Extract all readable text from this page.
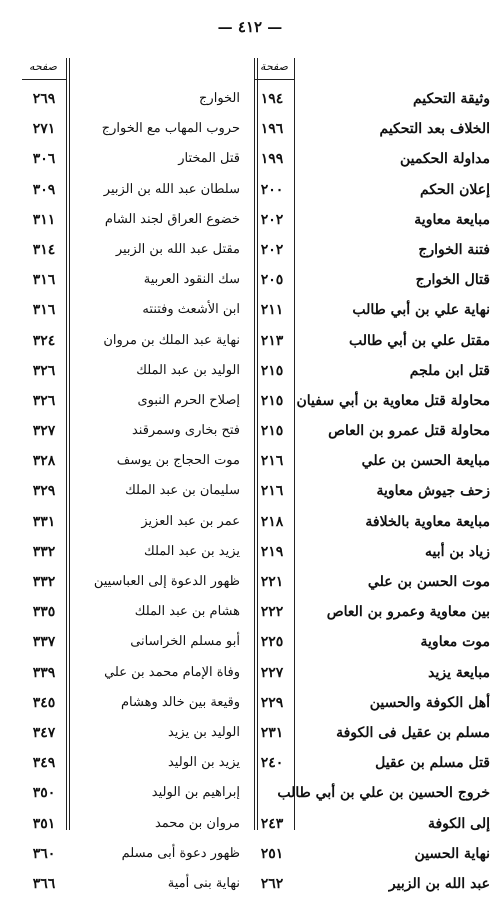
— ٤١٢ —
صفحه	صفحة
وثيقة التحكيم
١٩٤
الخوارج
٢٦٩
الخلاف بعد التحكيم
١٩٦
حروب المهاب مع الخوارج
٢٧١
مداولة الحكمين
١٩٩
قتل المختار
٣٠٦
إعلان الحكم
٢٠٠
سلطان عبد الله بن الزبير
٣٠٩
مبايعة معاوية
٢٠٢
خضوع العراق لجند الشام
٣١١
فتنة الخوارج
٢٠٢
مقتل عبد الله بن الزبير
٣١٤
قتال الخوارج
٢٠٥
سك النقود العربية
٣١٦
نهاية علي بن أبي طالب
٢١١
ابن الأشعث وفتنته
٣١٦
مقتل علي بن أبي طالب
٢١٣
نهاية عبد الملك بن مروان
٣٢٤
قتل ابن ملجم
٢١٥
الوليد بن عبد الملك
٣٢٦
محاولة قتل معاوية بن أبي سفيان
٢١٥
إصلاح الحرم النبوى
٣٢٦
محاولة قتل عمرو بن العاص
٢١٥
فتح بخارى وسمرقند
٣٢٧
مبايعة الحسن بن علي
٢١٦
موت الحجاج بن يوسف
٣٢٨
زحف جيوش معاوية
٢١٦
سليمان بن عبد الملك
٣٢٩
مبايعة معاوية بالخلافة
٢١٨
عمر بن عبد العزيز
٣٣١
زياد بن أبيه
٢١٩
يزيد بن عبد الملك
٣٣٢
موت الحسن بن علي
٢٢١
ظهور الدعوة إلى العباسيين
٣٣٢
بين معاوية وعمرو بن العاص
٢٢٢
هشام بن عبد الملك
٣٣٥
موت معاوية
٢٢٥
أبو مسلم الخراسانى
٣٣٧
مبايعة يزيد
٢٢٧
وفاة الإمام محمد بن علي
٣٣٩
أهل الكوفة والحسين
٢٢٩
وقيعة بين خالد وهشام
٣٤٥
مسلم بن عقيل فى الكوفة
٢٣١
الوليد بن يزيد
٣٤٧
قتل مسلم بن عقيل
٢٤٠
يزيد بن الوليد
٣٤٩
خروج الحسين بن علي بن أبي طالب
إبراهيم بن الوليد
٣٥٠
إلى الكوفة
٢٤٣
مروان بن محمد
٣٥١
نهاية الحسين
٢٥١
ظهور دعوة أبى مسلم
٣٦٠
عبد الله بن الزبير
٢٦٢
نهاية بنى أمية
٣٦٦
